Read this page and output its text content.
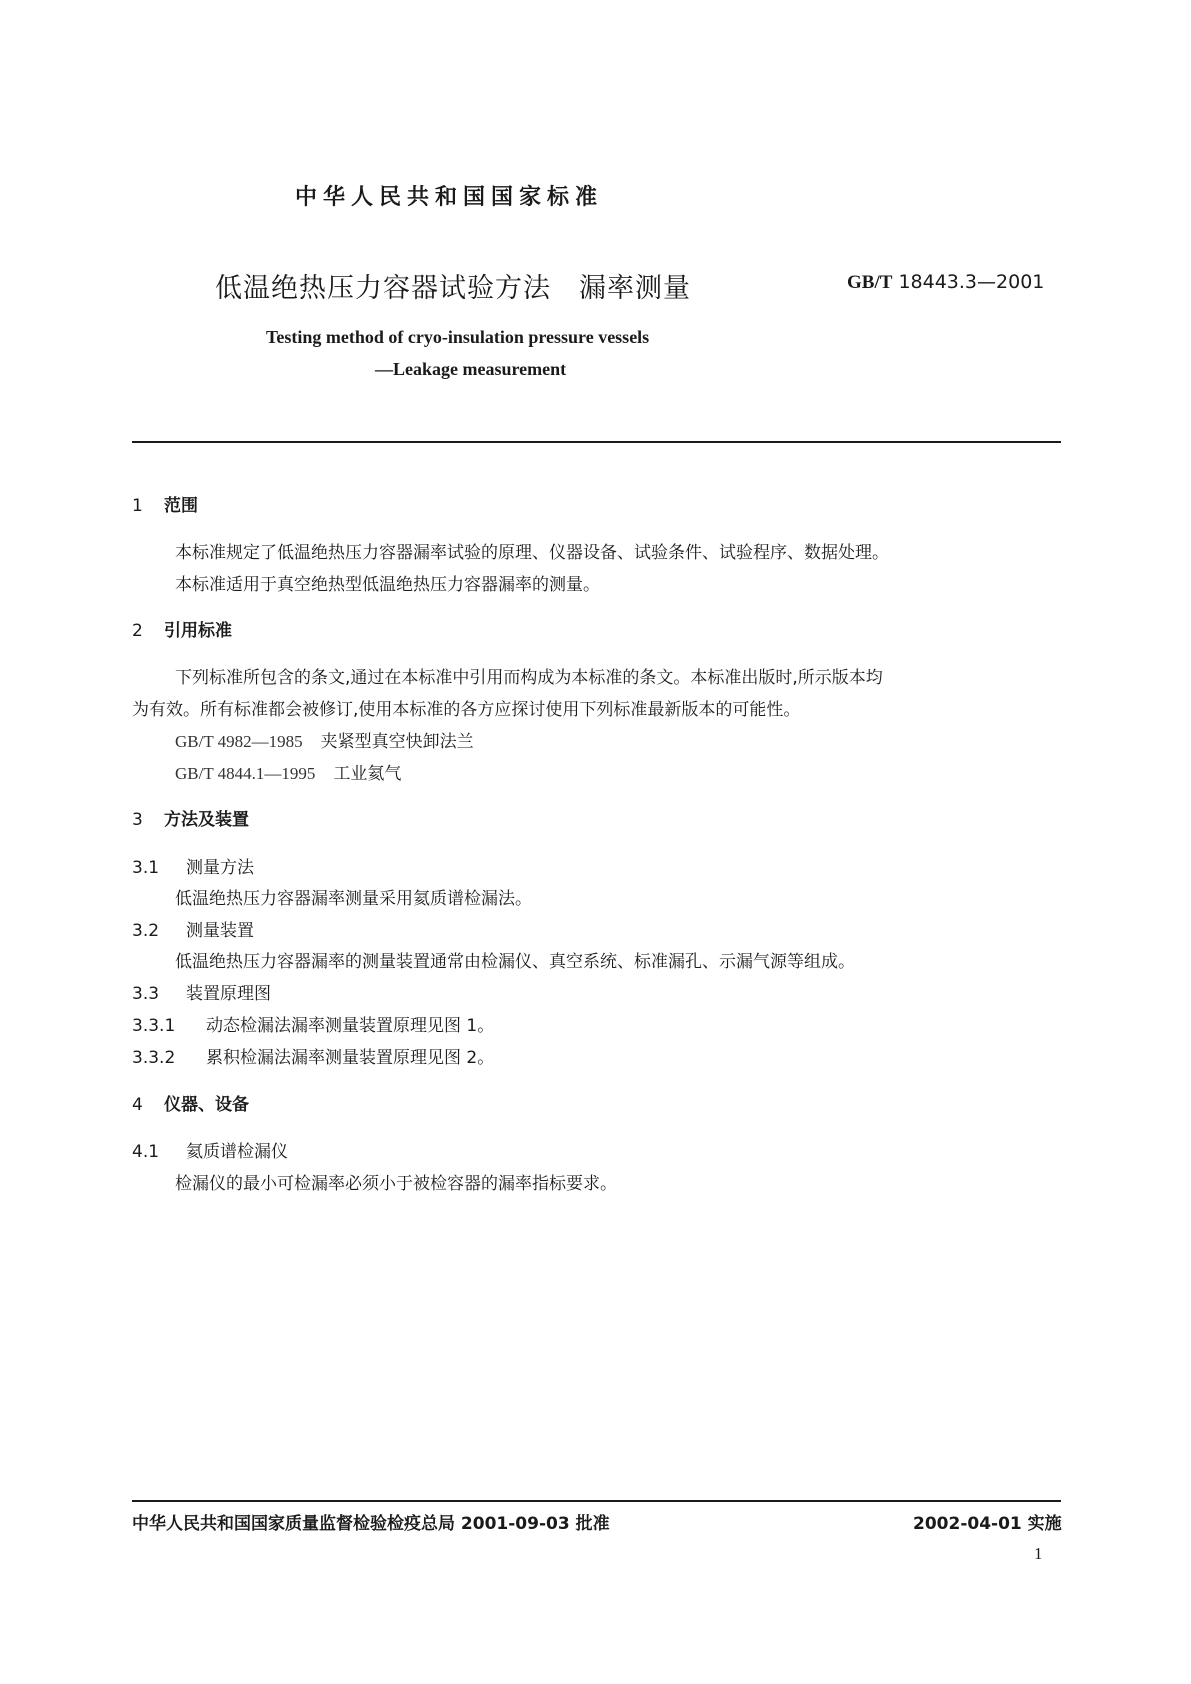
中华人民共和国国家标准
低温绝热压力容器试验方法　漏率测量	GB/T 18443.3—2001
Testing method of cryo-insulation pressure vessels
—Leakage measurement
1 范围
本标准规定了低温绝热压力容器漏率试验的原理、仪器设备、试验条件、试验程序、数据处理。
本标准适用于真空绝热型低温绝热压力容器漏率的测量。
2 引用标准
下列标准所包含的条文,通过在本标准中引用而构成为本标准的条文。本标准出版时,所示版本均
为有效。所有标准都会被修订,使用本标准的各方应探讨使用下列标准最新版本的可能性。
GB/T 4982—1985 夹紧型真空快卸法兰
GB/T 4844.1—1995 工业氦气
3 方法及装置
3.1 测量方法
低温绝热压力容器漏率测量采用氦质谱检漏法。
3.2 测量装置
低温绝热压力容器漏率的测量装置通常由检漏仪、真空系统、标准漏孔、示漏气源等组成。
3.3 装置原理图
3.3.1 动态检漏法漏率测量装置原理见图 1。
3.3.2 累积检漏法漏率测量装置原理见图 2。
4 仪器、设备
4.1 氦质谱检漏仪
检漏仪的最小可检漏率必须小于被检容器的漏率指标要求。
中华人民共和国国家质量监督检验检疫总局 2001-09-03 批准	2002-04-01 实施
1
